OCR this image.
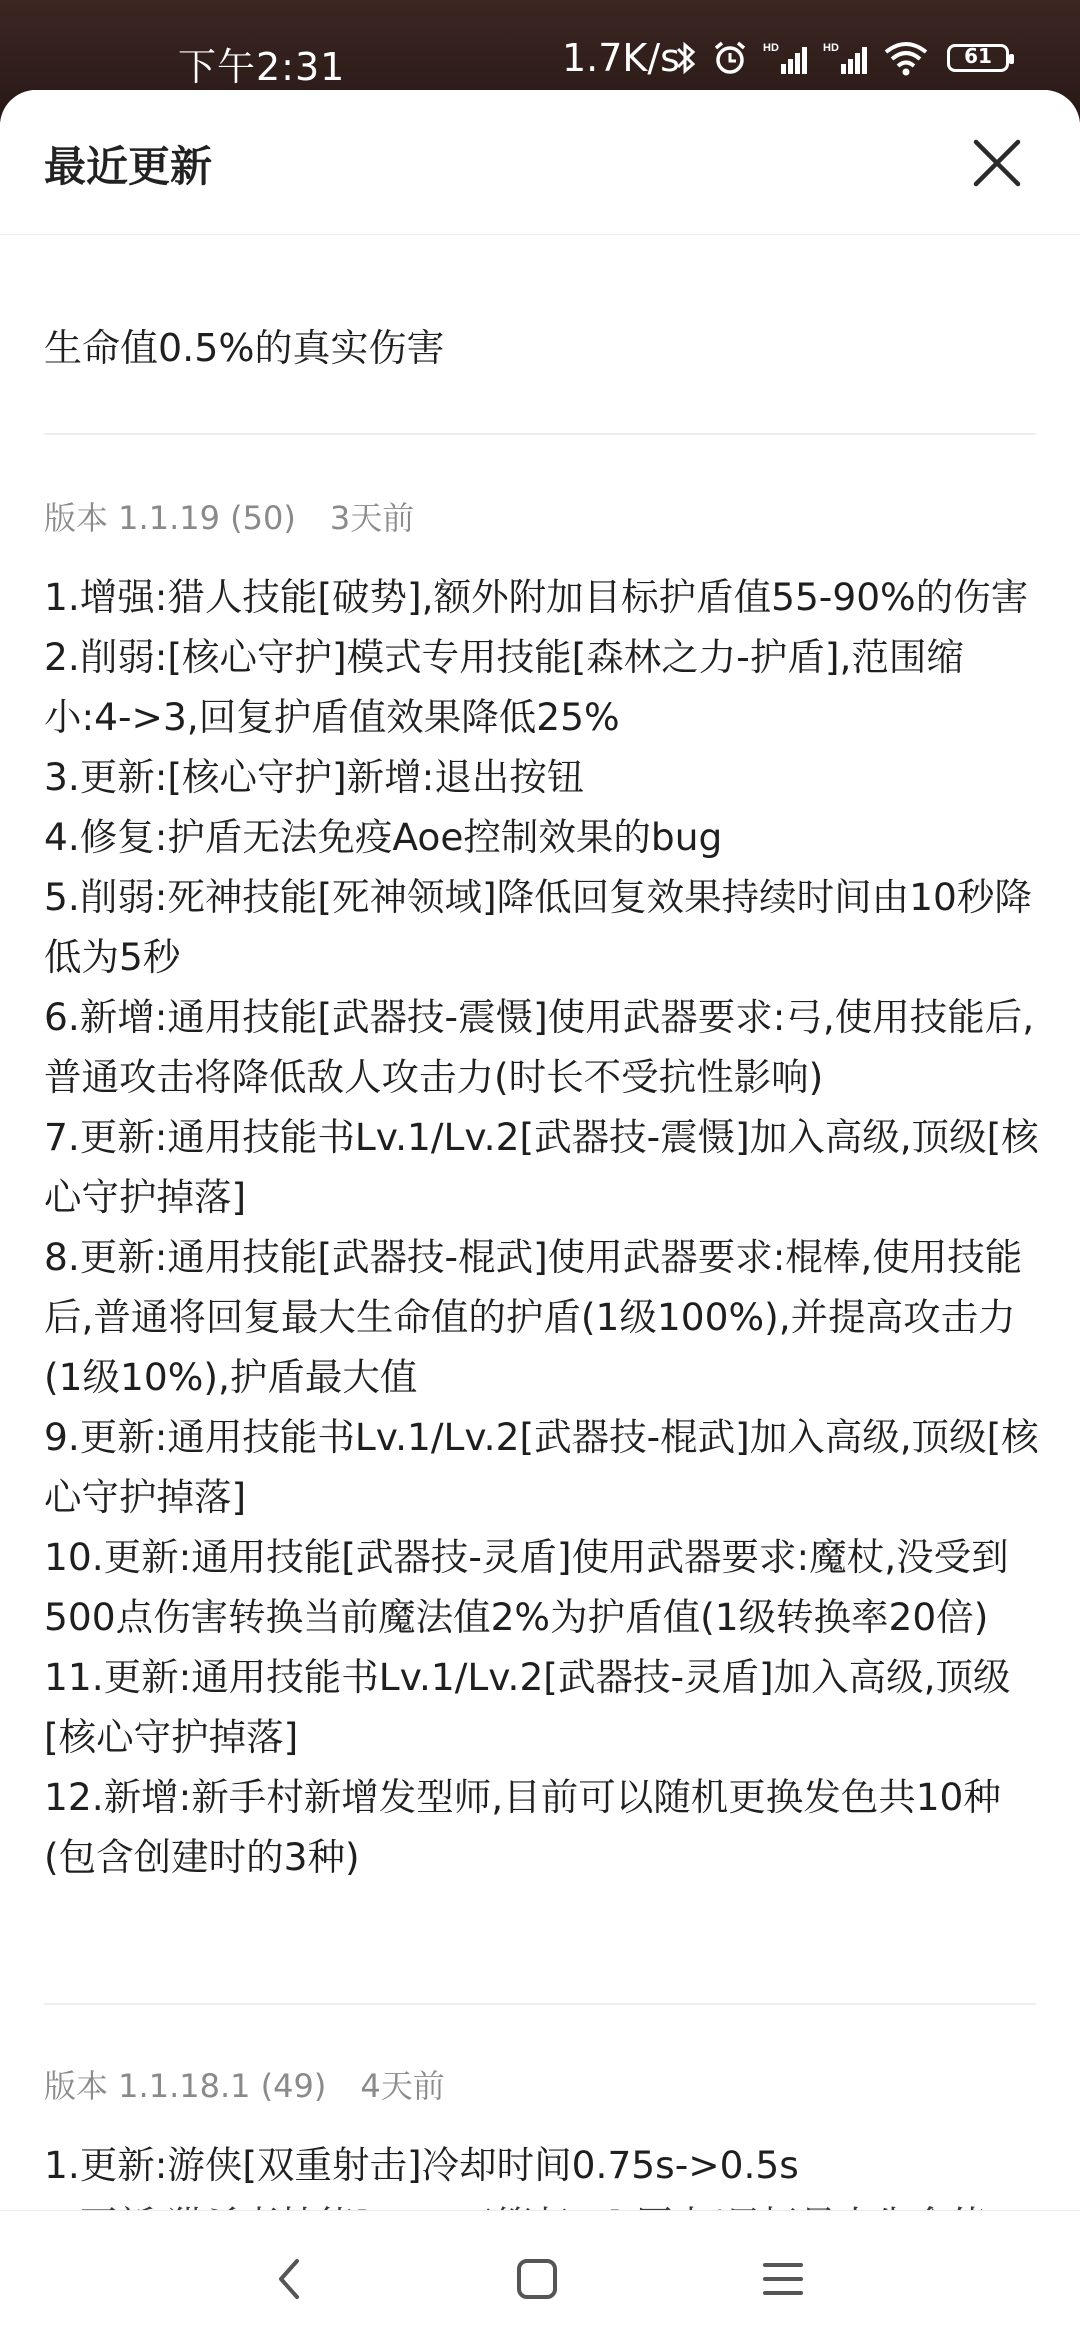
下午2:31	1.7K/s	HD	HD	61
最近更新
生命值0.5%的真实伤害
版本 1.1.19 (50) 3天前
1.增强:猎人技能[破势],额外附加目标护盾值55-90%的伤害
2.削弱:[核心守护]模式专用技能[森林之力-护盾],范围缩小:4->3,回复护盾值效果降低25%
3.更新:[核心守护]新增:退出按钮
4.修复:护盾无法免疫Aoe控制效果的bug
5.削弱:死神技能[死神领域]降低回复效果持续时间由10秒降低为5秒
6.新增:通用技能[武器技-震慑]使用武器要求:弓,使用技能后,普通攻击将降低敌人攻击力(时长不受抗性影响)
7.更新:通用技能书Lv.1/Lv.2[武器技-震慑]加入高级,顶级[核心守护掉落]
8.更新:通用技能[武器技-棍武]使用武器要求:棍棒,使用技能后,普通将回复最大生命值的护盾(1级100%),并提高攻击力(1级10%),护盾最大值
9.更新:通用技能书Lv.1/Lv.2[武器技-棍武]加入高级,顶级[核心守护掉落]
10.更新:通用技能[武器技-灵盾]使用武器要求:魔杖,没受到500点伤害转换当前魔法值2%为护盾值(1级转换率20倍)
11.更新:通用技能书Lv.1/Lv.2[武器技-灵盾]加入高级,顶级[核心守护掉落]
12.新增:新手村新增发型师,目前可以随机更换发色共10种(包含创建时的3种)
版本 1.1.18.1 (49) 4天前
1.更新:游侠[双重射击]冷却时间0.75s->0.5s
